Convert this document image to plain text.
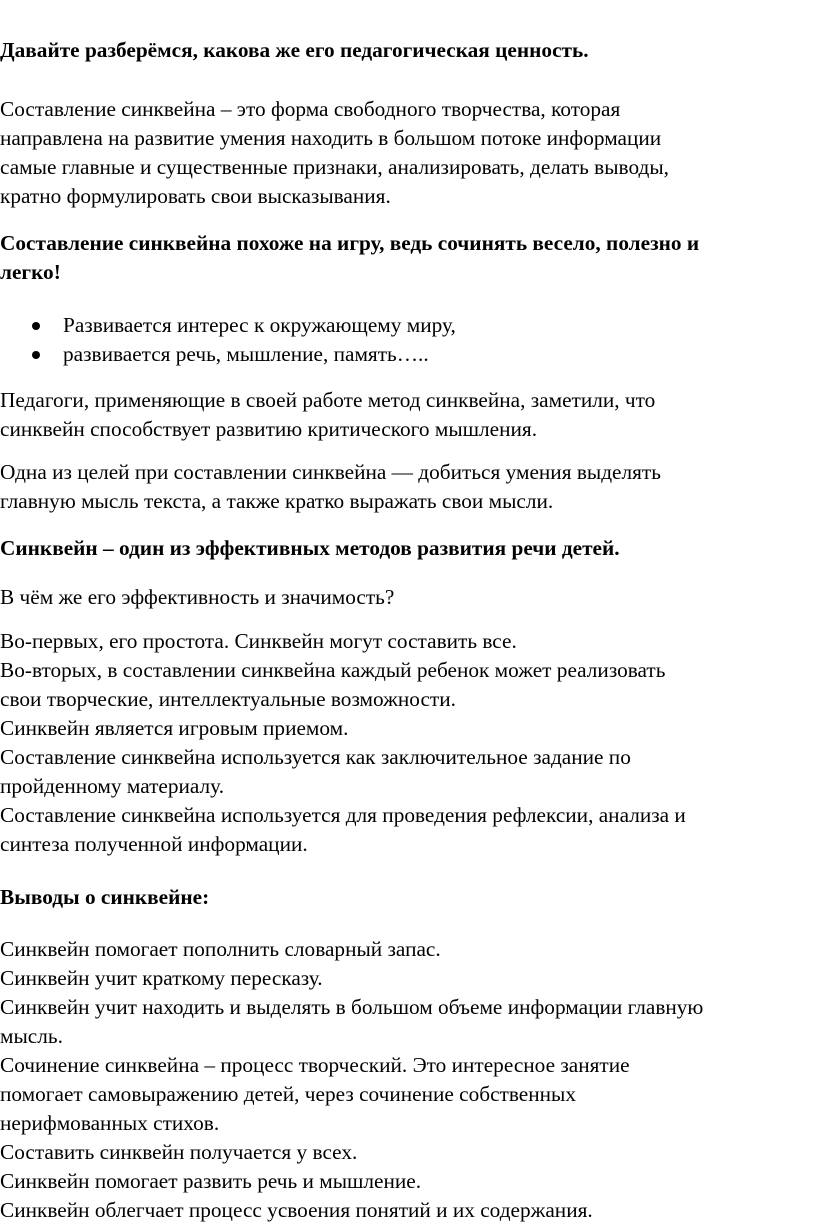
Давайте разберёмся, какова же его педагогическая ценность.
Составление синквейна – это форма свободного творчества, которая
направлена на развитие умения находить в большом потоке информации
самые главные и существенные признаки, анализировать, делать выводы,
кратно формулировать свои высказывания.
Составление синквейна похоже на игру, ведь сочинять весело, полезно и
легко!
Развивается интерес к окружающему миру,
развивается речь, мышление, память…..
Педагоги, применяющие в своей работе метод синквейна, заметили, что
синквейн способствует развитию критического мышления.
Одна из целей при составлении синквейна — добиться умения выделять
главную мысль текста, а также кратко выражать свои мысли.
Синквейн – один из эффективных методов развития речи детей.
В чём же его эффективность и значимость?
Во-первых, его простота. Синквейн могут составить все.
Во-вторых, в составлении синквейна каждый ребенок может реализовать
свои творческие, интеллектуальные возможности.
Синквейн является игровым приемом.
Составление синквейна используется как заключительное задание по
пройденному материалу.
Составление синквейна используется для проведения рефлексии, анализа и
синтеза полученной информации.
Выводы о синквейне:
Синквейн помогает пополнить словарный запас.
Синквейн учит краткому пересказу.
Синквейн учит находить и выделять в большом объеме информации главную
мысль.
Сочинение синквейна – процесс творческий. Это интересное занятие
помогает самовыражению детей, через сочинение собственных
нерифмованных стихов.
Составить синквейн получается у всех.
Синквейн помогает развить речь и мышление.
Синквейн облегчает процесс усвоения понятий и их содержания.
